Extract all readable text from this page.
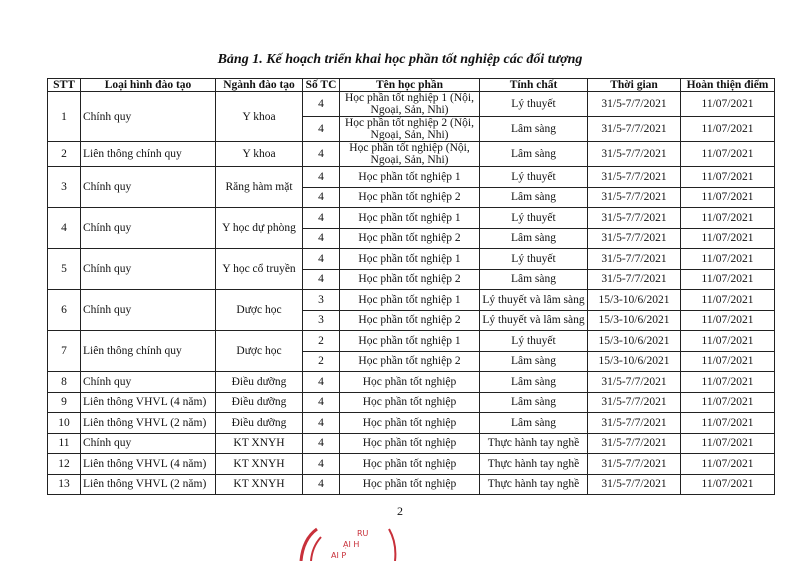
Bảng 1. Kế hoạch triển khai học phần tốt nghiệp các đối tượng
STT	Loại hình đào tạo	Ngành đào tạo	Số TC	Tên học phần	Tính chất	Thời gian	Hoàn thiện điểm
1	Chính quy	Y khoa	4	Học phần tốt nghiệp 1 (Nội, Ngoại, Sản, Nhi)	Lý thuyết	31/5-7/7/2021	11/07/2021
			4	Học phần tốt nghiệp 2 (Nội, Ngoại, Sản, Nhi)	Lâm sàng	31/5-7/7/2021	11/07/2021
2	Liên thông chính quy	Y khoa	4	Học phần tốt nghiệp (Nội, Ngoại, Sản, Nhi)	Lâm sàng	31/5-7/7/2021	11/07/2021
3	Chính quy	Răng hàm mặt	4	Học phần tốt nghiệp 1	Lý thuyết	31/5-7/7/2021	11/07/2021
			4	Học phần tốt nghiệp 2	Lâm sàng	31/5-7/7/2021	11/07/2021
4	Chính quy	Y học dự phòng	4	Học phần tốt nghiệp 1	Lý thuyết	31/5-7/7/2021	11/07/2021
			4	Học phần tốt nghiệp 2	Lâm sàng	31/5-7/7/2021	11/07/2021
5	Chính quy	Y học cổ truyền	4	Học phần tốt nghiệp 1	Lý thuyết	31/5-7/7/2021	11/07/2021
			4	Học phần tốt nghiệp 2	Lâm sàng	31/5-7/7/2021	11/07/2021
6	Chính quy	Dược học	3	Học phần tốt nghiệp 1	Lý thuyết và lâm sàng	15/3-10/6/2021	11/07/2021
			3	Học phần tốt nghiệp 2	Lý thuyết và lâm sàng	15/3-10/6/2021	11/07/2021
7	Liên thông chính quy	Dược học	2	Học phần tốt nghiệp 1	Lý thuyết	15/3-10/6/2021	11/07/2021
			2	Học phần tốt nghiệp 2	Lâm sàng	15/3-10/6/2021	11/07/2021
8	Chính quy	Điều dưỡng	4	Học phần tốt nghiệp	Lâm sàng	31/5-7/7/2021	11/07/2021
9	Liên thông VHVL (4 năm)	Điều dưỡng	4	Học phần tốt nghiệp	Lâm sàng	31/5-7/7/2021	11/07/2021
10	Liên thông VHVL (2 năm)	Điều dưỡng	4	Học phần tốt nghiệp	Lâm sàng	31/5-7/7/2021	11/07/2021
11	Chính quy	KT XNYH	4	Học phần tốt nghiệp	Thực hành tay nghề	31/5-7/7/2021	11/07/2021
12	Liên thông VHVL (4 năm)	KT XNYH	4	Học phần tốt nghiệp	Thực hành tay nghề	31/5-7/7/2021	11/07/2021
13	Liên thông VHVL (2 năm)	KT XNYH	4	Học phần tốt nghiệp	Thực hành tay nghề	31/5-7/7/2021	11/07/2021
2
RU
ẠI H
AI P
